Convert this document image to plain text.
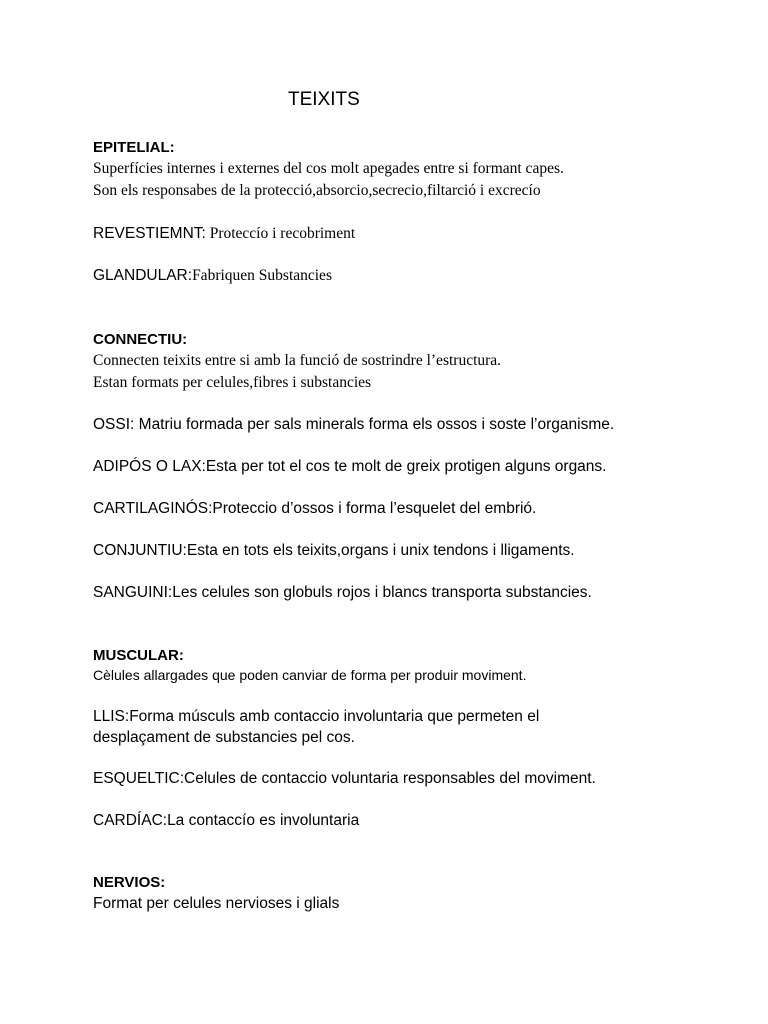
TEIXITS
EPITELIAL:
Superfícies internes i externes del cos molt apegades entre si formant capes.
Son els responsabes de la protecció,absorcio,secrecio,filtarció i excrecío
REVESTIEMNT: Proteccío i recobriment
GLANDULAR:Fabriquen Substancies
CONNECTIU:
Connecten teixits entre si amb la funció de sostrindre l’estructura.
Estan formats per celules,fibres i substancies
OSSI: Matriu formada per sals minerals forma els ossos i soste l’organisme.
ADIPÓS O LAX:Esta per tot el cos te molt de greix protigen alguns organs.
CARTILAGINÓS:Proteccio d’ossos i forma l’esquelet del embrió.
CONJUNTIU:Esta en tots els teixits,organs i unix tendons i lligaments.
SANGUINI:Les celules son globuls rojos i blancs transporta substancies.
MUSCULAR:
Cèlules allargades que poden canviar de forma per produir moviment.
LLIS:Forma músculs amb contaccio involuntaria que permeten el
desplaçament de substancies pel cos.
ESQUELTIC:Celules de contaccio voluntaria responsables del moviment.
CARDÍAC:La contaccío es involuntaria
NERVIOS:
Format per celules nervioses i glials
